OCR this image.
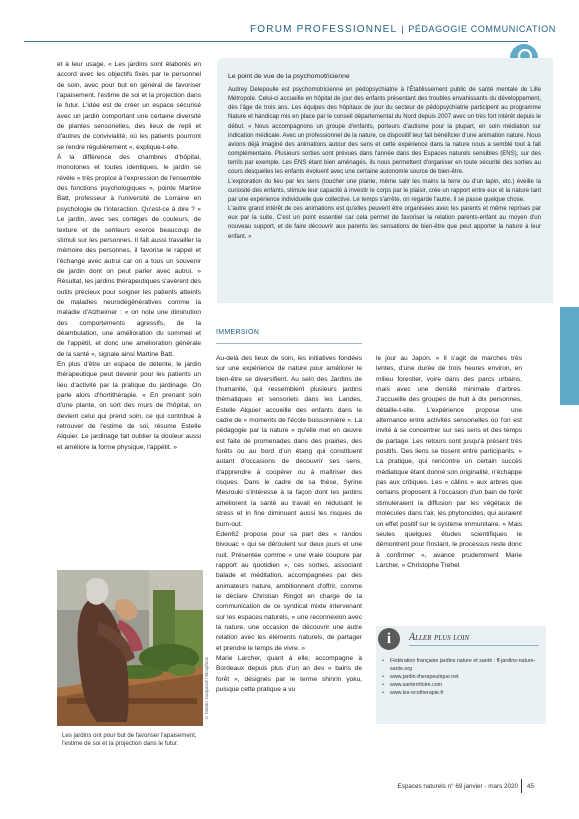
FORUM PROFESSIONNEL | PÉDAGOGIE COMMUNICATION

et à leur usage. « Les jardins sont élaborés en accord avec les objectifs fixés par le personnel de soin, avec pour but en général de favoriser l'apaisement, l'estime de soi et la projection dans le futur. L'idée est de créer un espace sécurisé avec un jardin comportant une certaine diversité de plantes sensorielles, des lieux de repli et d'autres de convivialité, où les patients pourront se rendre régulièrement », explique-t-elle.

À la différence des chambres d'hôpital, monotones et toutes identiques, le jardin se révèle « très propice à l'expression de l'ensemble des fonctions psychologiques », pointe Martine Batt, professeur à l'université de Lorraine en psychologie de l'interaction. Qu'est-ce à dire ? « Le jardin, avec ses cortèges de couleurs, de texture et de senteurs exerce beaucoup de stimuli sur les personnes. Il fait aussi travailler la mémoire des personnes, il favorise le rappel et l'échange avec autrui car on a tous un souvenir de jardin dont on peut parler avec autrui. » Résultat, les jardins thérapeutiques s'avèrent des outils précieux pour soigner les patients atteints de maladies neurodégénératives comme la maladie d'Alzheimer : « on note une diminution des comportements agressifs, de la déambulation, une amélioration du sommeil et de l'appétit, et donc une amélioration générale de la santé », signale ainsi Martine Batt.

En plus d'être un espace de détente, le jardin thérapeutique peut devenir pour les patients un lieu d'activité par la pratique du jardinage. On parle alors d'hortithérapie. « En prenant soin d'une plante, on sort des murs de l'hôpital, on devient celui qui prend soin, ce qui contribue à retrouver de l'estime de soi, résume Estelle Alquier. Le jardinage fait oublier la douleur aussi et améliore la forme physique, l'appétit. »

© Martin Jacqunod / Biosphoto
Les jardins ont pour but de favoriser l'apaisement, l'estime de soi et la projection dans le futur.
Le point de vue de la psychomotricienne

Audrey Delepoulle est psychomotricienne en pédopsychiatrie à l'Établissement public de santé mentale de Lille Métropole. Celui-ci accueille en hôpital de jour des enfants présentant des troubles envahissants du développement, dès l'âge de trois ans. Les équipes des hôpitaux de jour du secteur de pédopsychiatrie participent au programme Nature et handicap mis en place par le conseil départemental du Nord depuis 2007 avec un très fort intérêt depuis le début. « Nous accompagnons un groupe d'enfants, porteurs d'autisme pour la plupart, en soin médiation sur indication médicale. Avec un professionnel de la nature, ce dispositif leur fait bénéficier d'une animation nature. Nous avions déjà imaginé des animations autour des sens et cette expérience dans la nature nous a semblé tout à fait complémentaire. Plusieurs sorties sont prévues dans l'année dans des Espaces naturels sensibles (ENS), sur des terrils par exemple. Les ENS étant bien aménagés, ils nous permettent d'organiser en toute sécurité des sorties au cours desquelles les enfants évoluent avec une certaine autonomie source de bien-être.

L'exploration du lieu par les sens (toucher une plante, même salir les mains la terre ou d'un lapin, etc.) éveille la curiosité des enfants, stimule leur capacité à investir le corps par le plaisir, crée un rapport entre eux et la nature tant par une expérience individuelle que collective. Le temps s'arrête, on regarde l'autre, il se passe quelque chose.

L'autre grand intérêt de ces animations est qu'elles peuvent être organisées avec les parents et même reprises par eux par la suite. C'est un point essentiel car cela permet de favoriser la relation parents-enfant au moyen d'un nouveau support, et de faire découvrir aux parents les sensations de bien-être que peut apporter la nature à leur enfant. »

IMMERSION

Au-delà des lieux de soin, les initiatives fondées sur une expérience de nature pour améliorer le bien-être se diversifient. Au sein des Jardins de l'humanité, qui ressemblent plusieurs jardins thématiques et sensoriels dans les Landes, Estelle Alquier accueille des enfants dans le cadre de « moments de l'école buissonnière ». La pédagogie par la nature « qu'elle met en œuvre est faite de promenades dans des prairies, des forêts ou au bord d'un étang qui constituent autant d'occasions de découvrir ses sens, d'apprendre à coopérer ou à maîtriser des risques. Dans le cadre de sa thèse, Syrine Mesrouki s'intéresse à la façon dont les jardins améliorent la santé au travail en réduisant le stress et in fine diminuent aussi les risques de burn-out.

Eden62 propose pour sa part des « randos bivouac » qui se déroulent sur deux jours et une nuit. Présentée comme « une vraie coupure par rapport au quotidien », ces sorties, associant balade et méditation, accompagnées par des animateurs nature, ambitionnent d'offrir, comme le déclare Christian Ringot en charge de la communication de ce syndicat mixte intervenant sur les espaces naturels, « une reconnexion avec la nature, une occasion de découvrir une autre relation avec les éléments naturels, de partager et prendre le temps de vivre. »

Marie Larcher, quant à elle, accompagne à Bordeaux depuis plus d'un an des « bains de forêt », désignés par le terme shinrin yoku, puisque cette pratique a vu

le jour au Japon. « Il s'agit de marches très lentes, d'une durée de trois heures environ, en milieu forestier, voire dans des parcs urbains, mais avec une densité minimale d'arbres. J'accueille des groupes de huit à dix personnes, détaille-t-elle. L'expérience propose une alternance entre activités sensorielles où l'on est invité à se concentrer sur ses sens et des temps de partage. Les retours sont jusqu'à présent très positifs. Des liens se tissent entre participants. » La pratique, qui rencontre un certain succès médiatique étant donné son originalité, n'échappe pas aux critiques. Les « câlins » aux arbres que certains proposent à l'occasion d'un bain de forêt stimuleraient la diffusion par les végétaux de molécules dans l'air, les phytoncides, qui auraient un effet positif sur le système immunitaire. « Mais seules quelques études scientifiques le démontrent pour l'instant, le processus reste donc à confirmer », avance prudemment Marie Larcher. » Christophe Trehet

i	Aller plus loin
• Fédération française jardins nature et santé : ff-jardins-nature-sante.org
• www.jardin-therapeutique.net
• www.santerritoire.com
• www.les-ecotherapie.fr
Espaces naturels n° 69 janvier - mars 2020 45
